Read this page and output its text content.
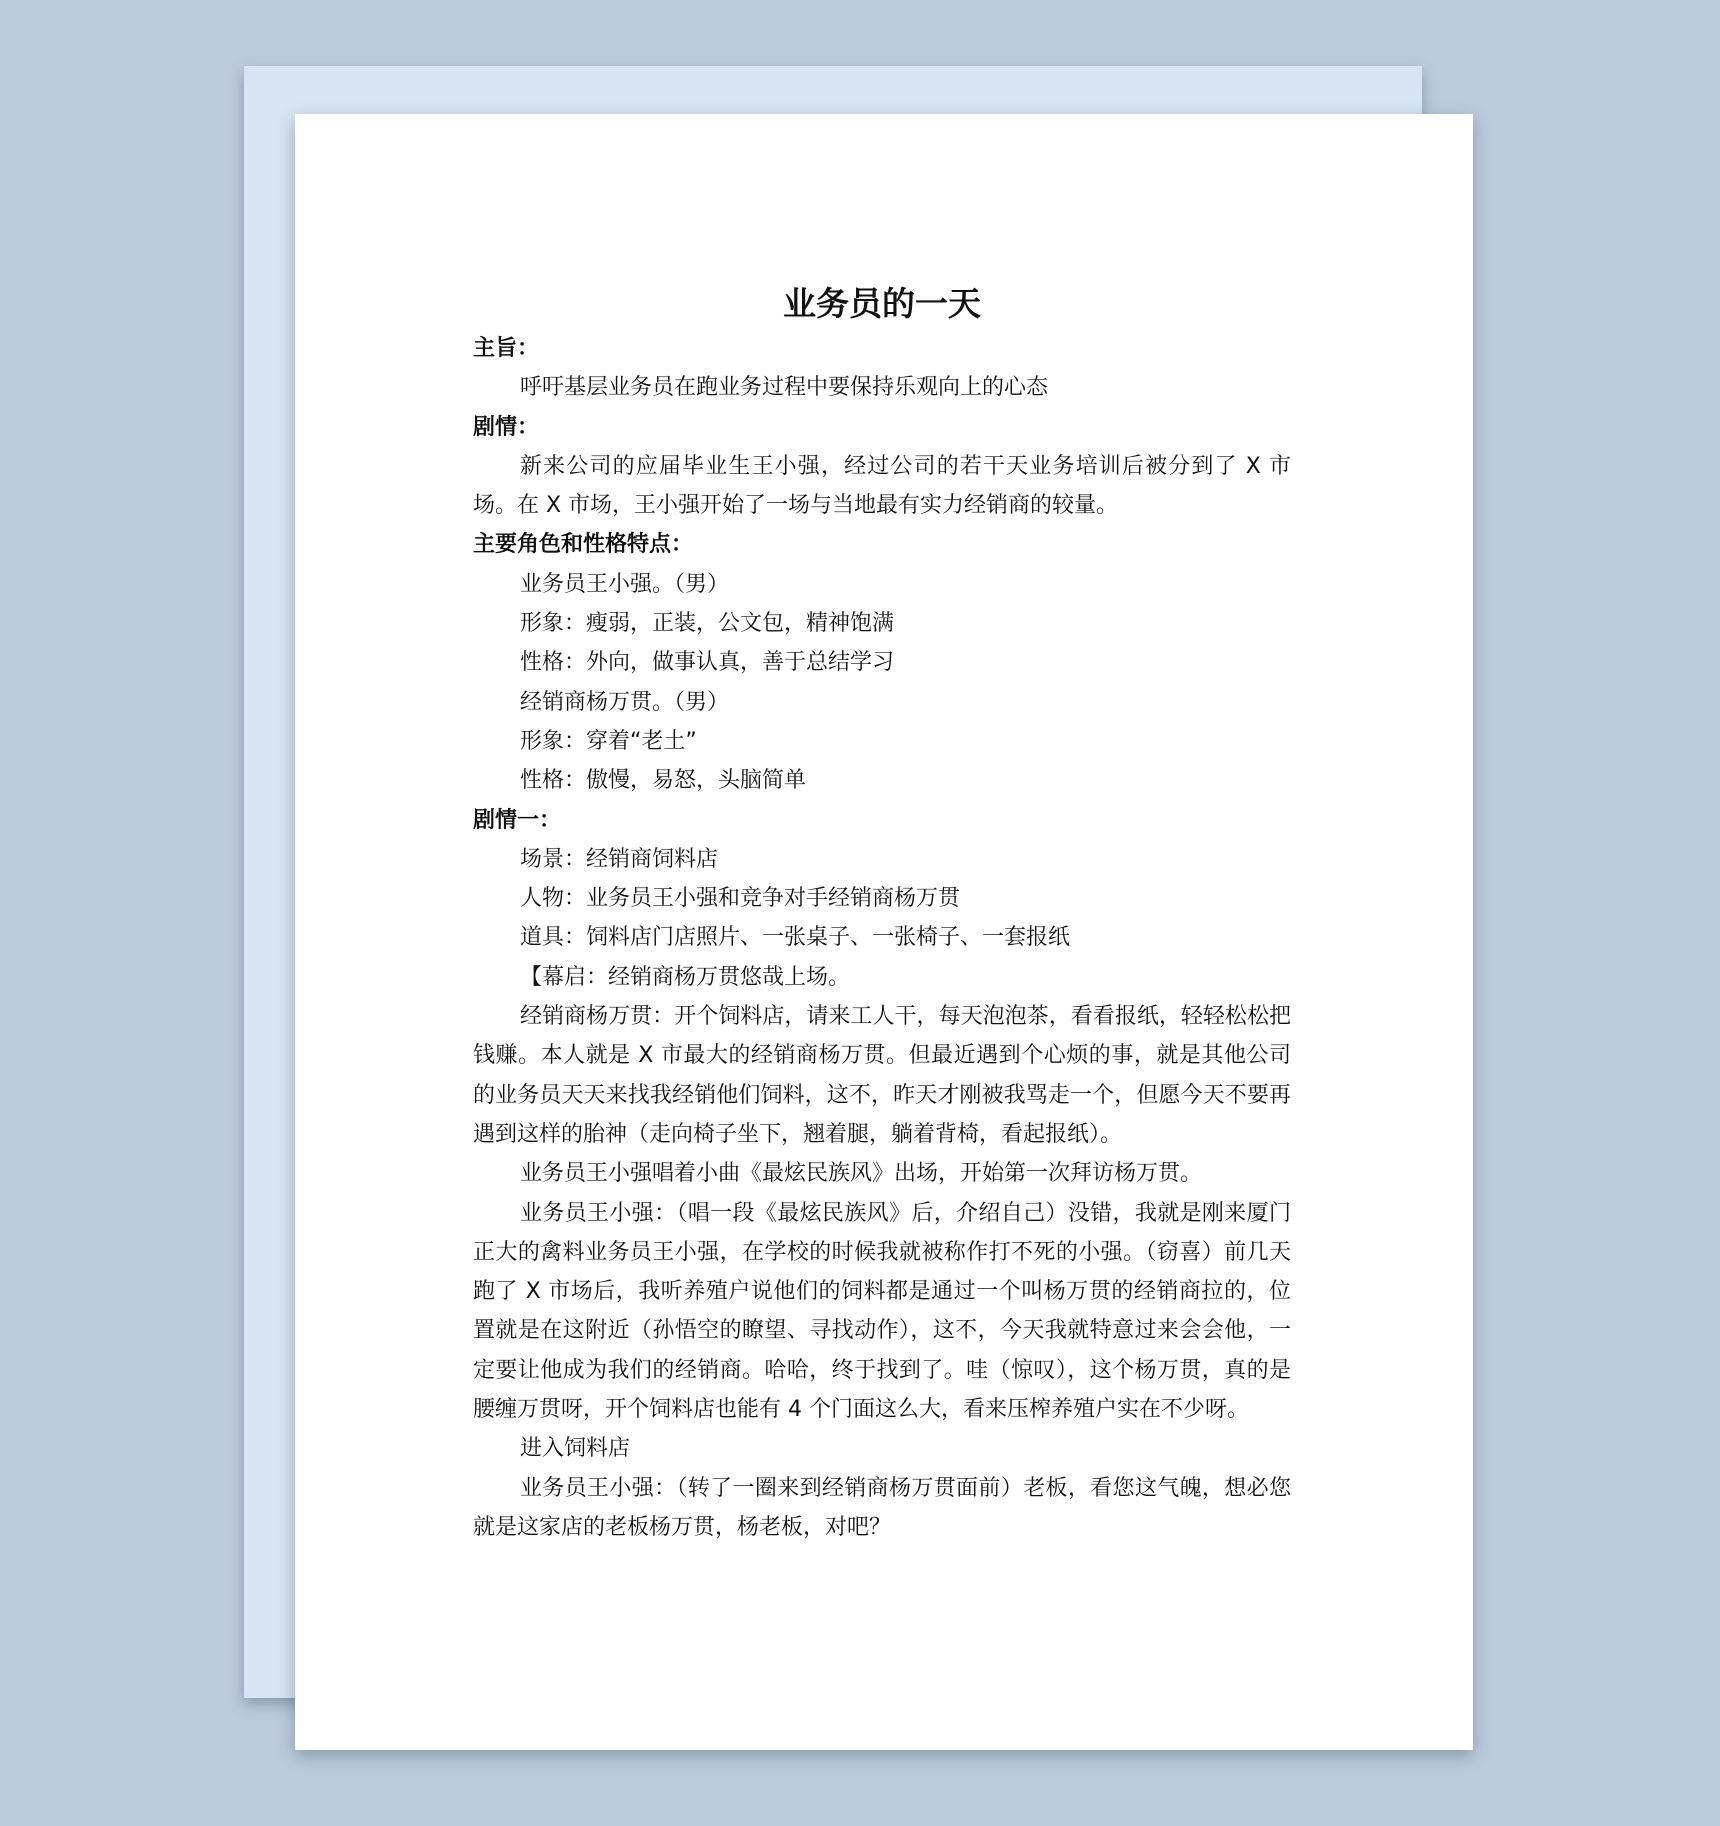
业务员的一天
主旨：
呼吁基层业务员在跑业务过程中要保持乐观向上的心态
剧情：
新来公司的应届毕业生王小强，经过公司的若干天业务培训后被分到了 X 市场。在 X 市场，王小强开始了一场与当地最有实力经销商的较量。
主要角色和性格特点：
业务员王小强。（男）
形象：瘦弱，正装，公文包，精神饱满
性格：外向，做事认真，善于总结学习
经销商杨万贯。（男）
形象：穿着“老土”
性格：傲慢，易怒，头脑简单
剧情一：
场景：经销商饲料店
人物：业务员王小强和竞争对手经销商杨万贯
道具：饲料店门店照片、一张桌子、一张椅子、一套报纸
【幕启：经销商杨万贯悠哉上场。
经销商杨万贯：开个饲料店，请来工人干，每天泡泡茶，看看报纸，轻轻松松把钱赚。本人就是 X 市最大的经销商杨万贯。但最近遇到个心烦的事，就是其他公司的业务员天天来找我经销他们饲料，这不，昨天才刚被我骂走一个，但愿今天不要再遇到这样的胎神（走向椅子坐下，翘着腿，躺着背椅，看起报纸）。
业务员王小强唱着小曲《最炫民族风》出场，开始第一次拜访杨万贯。
业务员王小强：（唱一段《最炫民族风》后，介绍自己）没错，我就是刚来厦门正大的禽料业务员王小强，在学校的时候我就被称作打不死的小强。（窃喜）前几天跑了 X 市场后，我听养殖户说他们的饲料都是通过一个叫杨万贯的经销商拉的，位置就是在这附近（孙悟空的瞭望、寻找动作），这不，今天我就特意过来会会他，一定要让他成为我们的经销商。哈哈，终于找到了。哇（惊叹），这个杨万贯，真的是腰缠万贯呀，开个饲料店也能有 4 个门面这么大，看来压榨养殖户实在不少呀。
进入饲料店
业务员王小强：（转了一圈来到经销商杨万贯面前）老板，看您这气魄，想必您就是这家店的老板杨万贯，杨老板，对吧？
